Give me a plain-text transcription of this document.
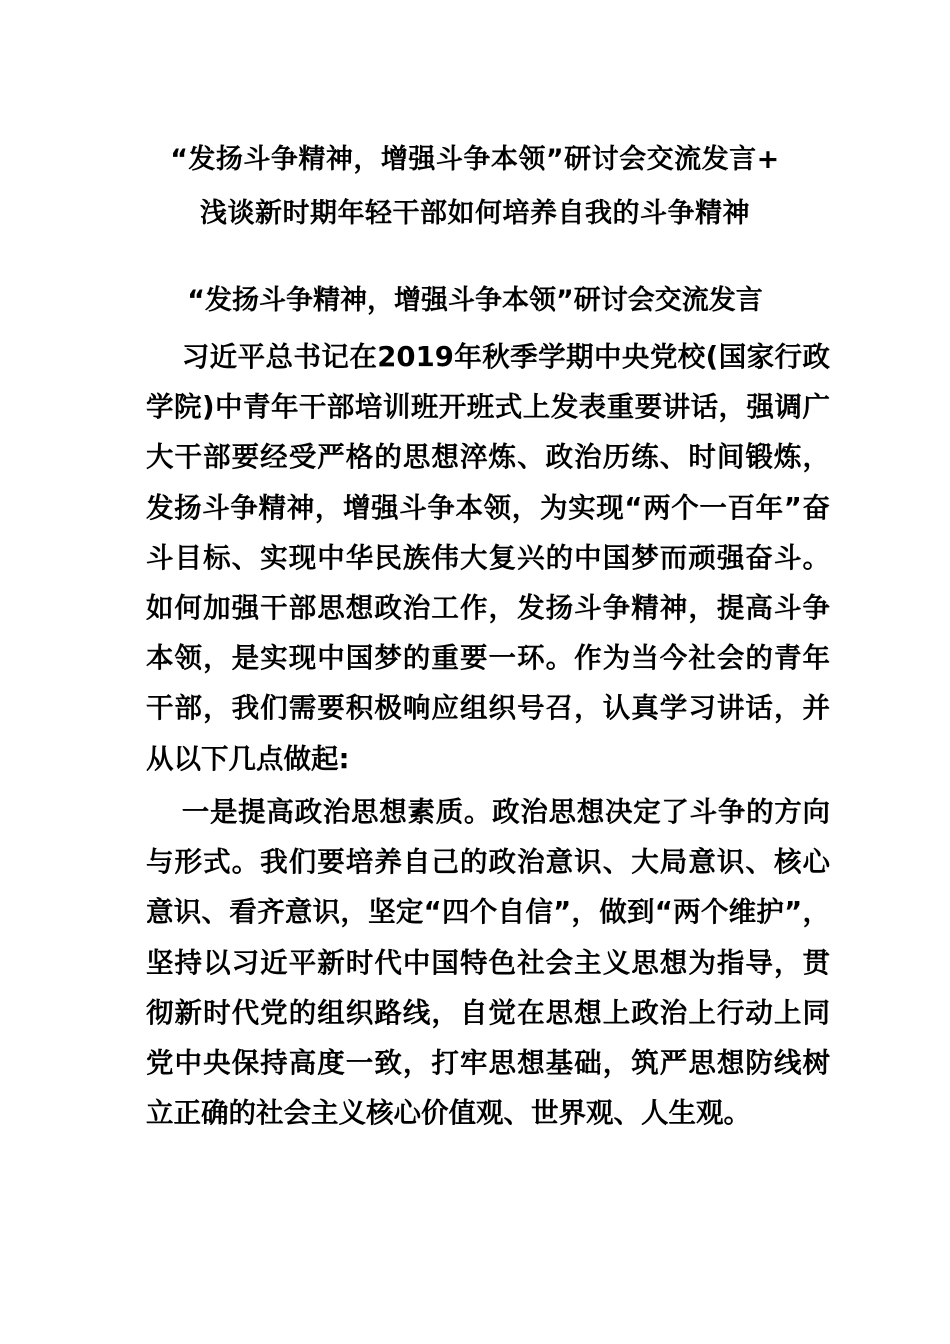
“发扬斗争精神，增强斗争本领”研讨会交流发言+
浅谈新时期年轻干部如何培养自我的斗争精神
“发扬斗争精神，增强斗争本领”研讨会交流发言

习近平总书记在2019年秋季学期中央党校(国家行政学院)中青年干部培训班开班式上发表重要讲话，强调广大干部要经受严格的思想淬炼、政治历练、时间锻炼，发扬斗争精神，增强斗争本领，为实现“两个一百年”奋斗目标、实现中华民族伟大复兴的中国梦而顽强奋斗。如何加强干部思想政治工作，发扬斗争精神，提高斗争本领，是实现中国梦的重要一环。作为当今社会的青年干部，我们需要积极响应组织号召，认真学习讲话，并从以下几点做起:

一是提高政治思想素质。政治思想决定了斗争的方向与形式。我们要培养自己的政治意识、大局意识、核心意识、看齐意识，坚定“四个自信”，做到“两个维护”，坚持以习近平新时代中国特色社会主义思想为指导，贯彻新时代党的组织路线，自觉在思想上政治上行动上同党中央保持高度一致，打牢思想基础，筑严思想防线树立正确的社会主义核心价值观、世界观、人生观。
